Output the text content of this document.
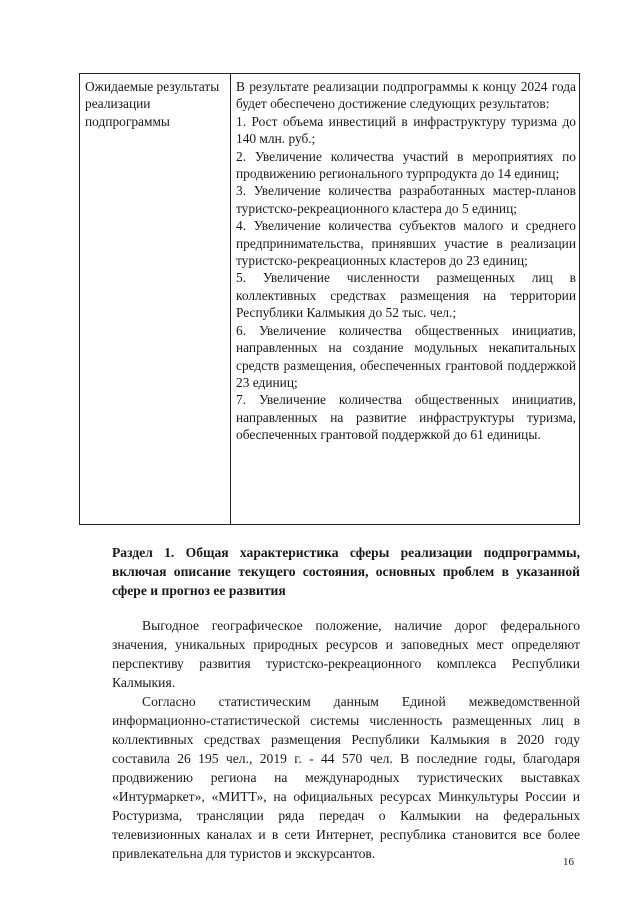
Ожидаемые результаты реализации подпрограммы

В результате реализации подпрограммы к концу 2024 года будет обеспечено достижение следующих результатов:

1. Рост объема инвестиций в инфраструктуру туризма до 140 млн. руб.;

2. Увеличение количества участий в мероприятиях по продвижению регионального турпродукта до 14 единиц;

3. Увеличение количества разработанных мастер-планов туристско-рекреационного кластера до 5 единиц;

4. Увеличение количества субъектов малого и среднего предпринимательства, принявших участие в реализации туристско-рекреационных кластеров до 23 единиц;

5. Увеличение численности размещенных лиц в коллективных средствах размещения на территории Республики Калмыкия до 52 тыс. чел.;

6. Увеличение количества общественных инициатив, направленных на создание модульных некапитальных средств размещения, обеспеченных грантовой поддержкой 23 единиц;

7. Увеличение количества общественных инициатив, направленных на развитие инфраструктуры туризма, обеспеченных грантовой поддержкой до 61 единицы.

Раздел 1. Общая характеристика сферы реализации подпрограммы, включая описание текущего состояния, основных проблем в указанной сфере и прогноз ее развития

Выгодное географическое положение, наличие дорог федерального значения, уникальных природных ресурсов и заповедных мест определяют перспективу развития туристско-рекреационного комплекса Республики Калмыкия.

Согласно статистическим данным Единой межведомственной информационно-статистической системы численность размещенных лиц в коллективных средствах размещения Республики Калмыкия в 2020 году составила 26 195 чел., 2019 г. - 44 570 чел. В последние годы, благодаря продвижению региона на международных туристических выставках «Интурмаркет», «МИТТ», на официальных ресурсах Минкультуры России и Ростуризма, трансляции ряда передач о Калмыкии на федеральных телевизионных каналах и в сети Интернет, республика становится все более привлекательна для туристов и экскурсантов.

16
